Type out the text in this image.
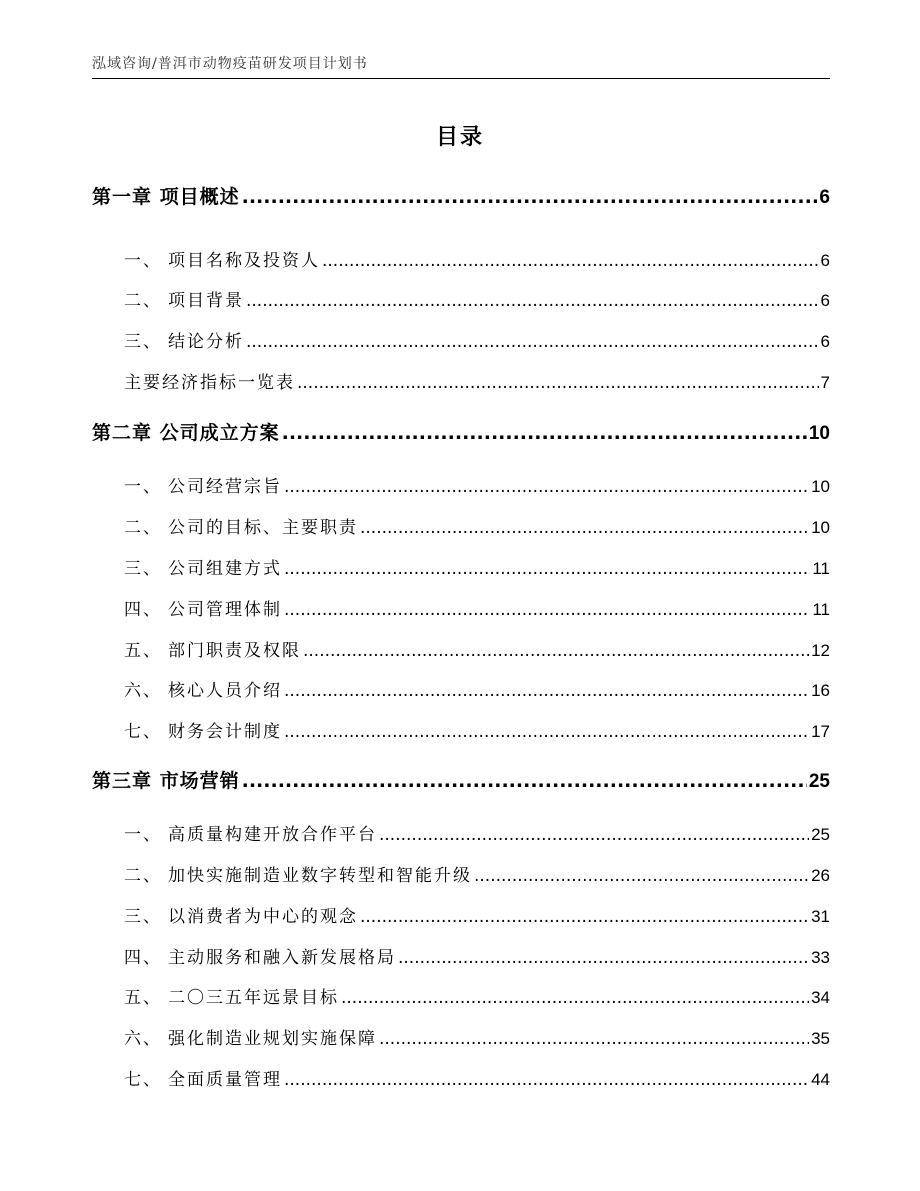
泓域咨询/普洱市动物疫苗研发项目计划书
目录
第一章 项目概述 .....	6
一、 项目名称及投资人 .....	6
二、 项目背景 .....	6
三、 结论分析 .....	6
主要经济指标一览表 .....	7
第二章 公司成立方案 .....	10
一、 公司经营宗旨 .....	10
二、 公司的目标、主要职责 .....	10
三、 公司组建方式 .....	11
四、 公司管理体制 .....	11
五、 部门职责及权限 .....	12
六、 核心人员介绍 .....	16
七、 财务会计制度 .....	17
第三章 市场营销 .....	25
一、 高质量构建开放合作平台 .....	25
二、 加快实施制造业数字转型和智能升级 .....	26
三、 以消费者为中心的观念 .....	31
四、 主动服务和融入新发展格局 .....	33
五、 二〇三五年远景目标 .....	34
六、 强化制造业规划实施保障 .....	35
七、 全面质量管理 .....	44
